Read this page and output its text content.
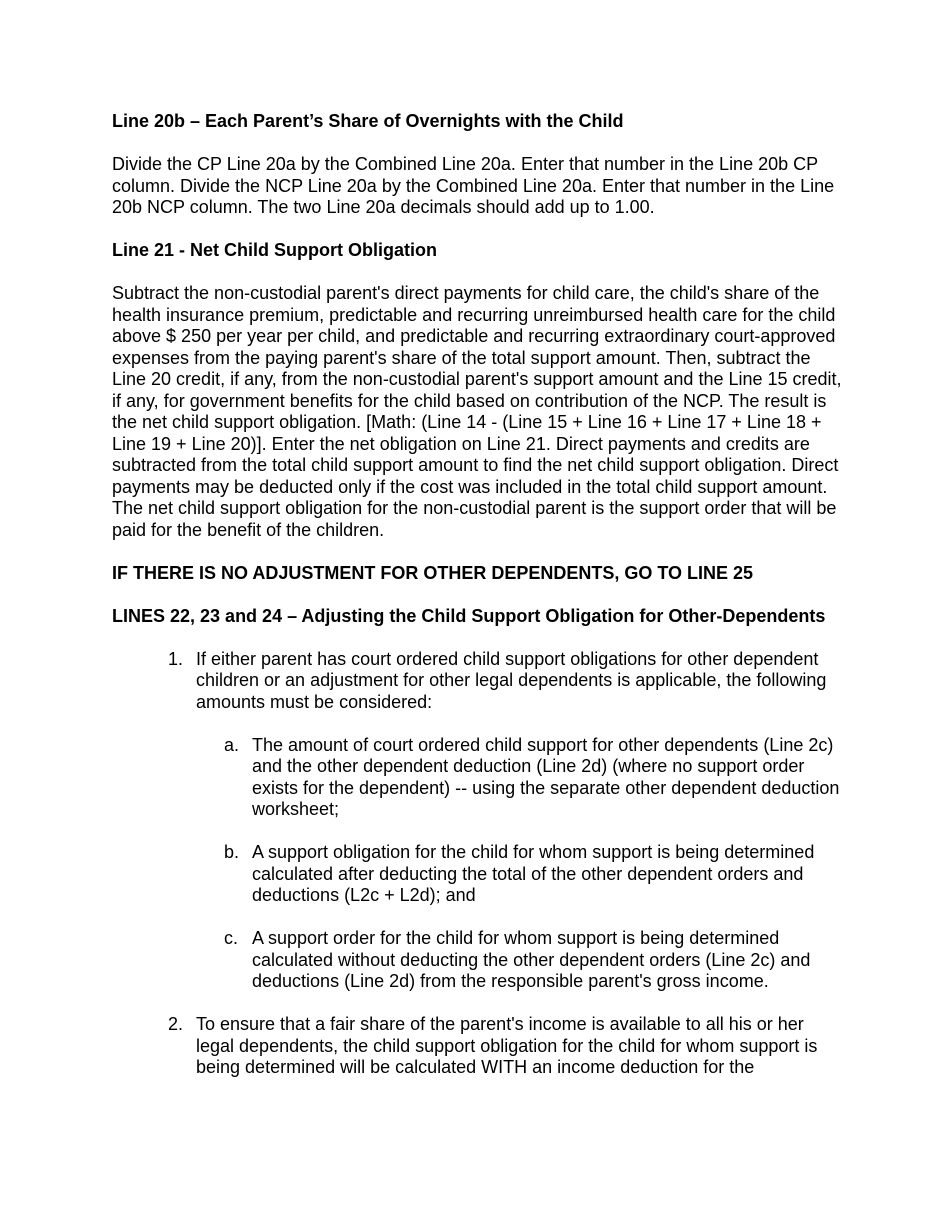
Line 20b – Each Parent’s Share of Overnights with the Child

Divide the CP Line 20a by the Combined Line 20a. Enter that number in the Line 20b CP column. Divide the NCP Line 20a by the Combined Line 20a. Enter that number in the Line 20b NCP column. The two Line 20a decimals should add up to 1.00.

Line 21 - Net Child Support Obligation

Subtract the non-custodial parent's direct payments for child care, the child's share of the health insurance premium, predictable and recurring unreimbursed health care for the child above $ 250 per year per child, and predictable and recurring extraordinary court-approved expenses from the paying parent's share of the total support amount. Then, subtract the Line 20 credit, if any, from the non-custodial parent's support amount and the Line 15 credit, if any, for government benefits for the child based on contribution of the NCP. The result is the net child support obligation. [Math: (Line 14 - (Line 15 + Line 16 + Line 17 + Line 18 + Line 19 + Line 20)]. Enter the net obligation on Line 21. Direct payments and credits are subtracted from the total child support amount to find the net child support obligation. Direct payments may be deducted only if the cost was included in the total child support amount. The net child support obligation for the non-custodial parent is the support order that will be paid for the benefit of the children.

IF THERE IS NO ADJUSTMENT FOR OTHER DEPENDENTS, GO TO LINE 25

LINES 22, 23 and 24 – Adjusting the Child Support Obligation for Other-Dependents

1. If either parent has court ordered child support obligations for other dependent children or an adjustment for other legal dependents is applicable, the following amounts must be considered:
a. The amount of court ordered child support for other dependents (Line 2c) and the other dependent deduction (Line 2d) (where no support order exists for the dependent) -- using the separate other dependent deduction worksheet;
b. A support obligation for the child for whom support is being determined calculated after deducting the total of the other dependent orders and deductions (L2c + L2d); and
c. A support order for the child for whom support is being determined calculated without deducting the other dependent orders (Line 2c) and deductions (Line 2d) from the responsible parent's gross income.
2. To ensure that a fair share of the parent's income is available to all his or her legal dependents, the child support obligation for the child for whom support is being determined will be calculated WITH an income deduction for the
